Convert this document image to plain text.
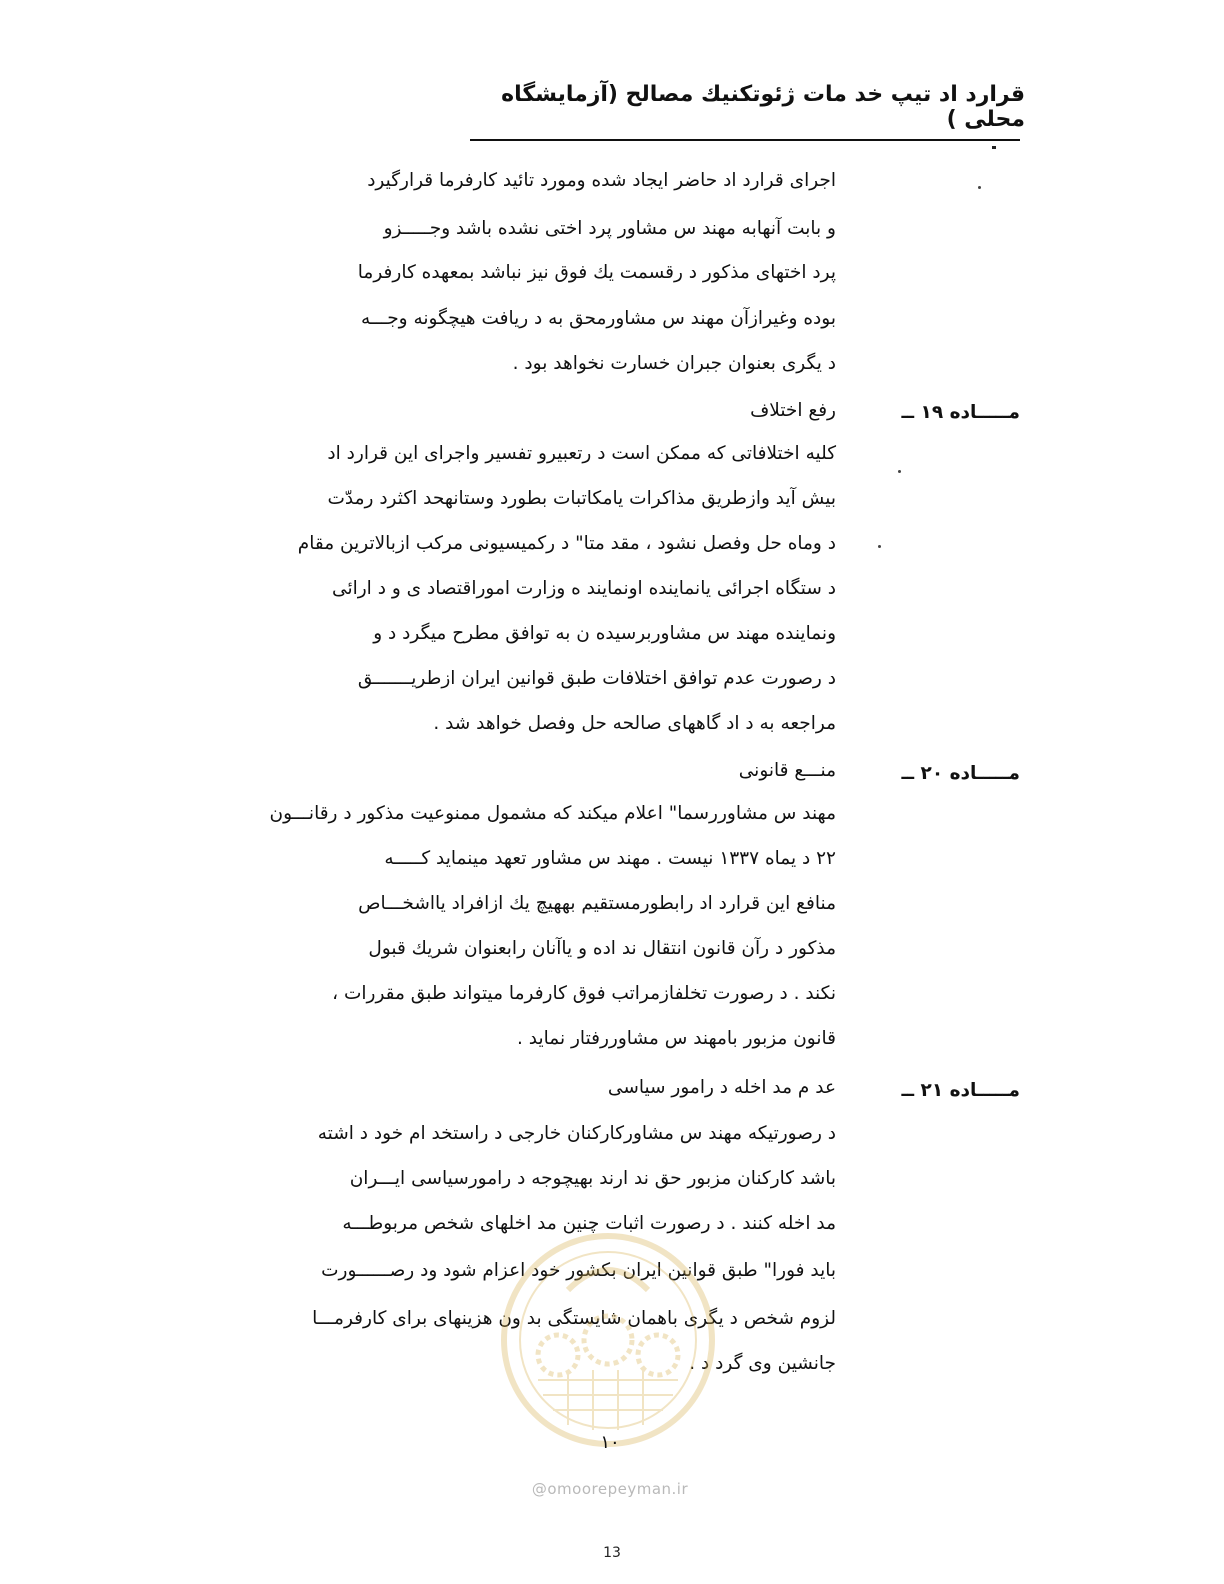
قرارد اد تیپ خد مات ژئوتکنیك مصالح (آزمایشگاه محلی )
اجرای قرارد اد حاضر ایجاد شده ومورد تائید کارفرما قرارگیرد
و بابت آنهابه مهند س مشاور پرد اختی نشده باشد وجـــــزو
پرد اختهای مذکور د رقسمت یك فوق نیز نباشد بمعهده کارفرما
بوده وغیرازآن مهند س مشاورمحق به د ریافت هیچگونه وجـــه
د یگری بعنوان جبران خسارت نخواهد بود .
مـــــاده ۱۹ ــ
رفع اختلاف
کلیه اختلافاتی که ممکن است د رتعبیرو تفسیر واجرای این قرارد اد
بیش آید وازطریق مذاکرات یامکاتبات بطورد وستانهحد اکثرد رمدّت
د وماه حل وفصل نشود ، مقد متا" د رکمیسیونی مرکب ازبالاترین مقام
د ستگاه اجرائی یانماینده اونمایند ه وزارت اموراقتصاد ی و د ارائی
ونماینده مهند س مشاوربرسیده ن به توافق مطرح میگرد د و
د رصورت عدم توافق اختلافات طبق قوانین ایران ازطریـــــــق
مراجعه به د اد گاههای صالحه حل وفصل خواهد شد .
مـــــاده ۲۰ ــ
منـــع قانونی
مهند س مشاوررسما" اعلام میکند که مشمول ممنوعیت مذکور د رقانـــون
۲۲ د یماه ۱۳۳۷ نیست . مهند س مشاور تعهد مینماید کـــــه
منافع این قرارد اد رابطورمستقیم بههیچ یك ازافراد یااشخـــاص
مذکور د رآن قانون انتقال ند اده و یاآنان رابعنوان شریك قبول
نکند . د رصورت تخلفازمراتب فوق کارفرما میتواند طبق مقررات ،
قانون مزبور بامهند س مشاوررفتار نماید .
مـــــاده ۲۱ ــ
عد م مد اخله د رامور سیاسی
د رصورتیکه مهند س مشاورکارکنان خارجی د راستخد ام خود د اشته
باشد کارکنان مزبور حق ند ارند بهیچوجه د رامورسیاسی ایـــران
مد اخله کنند . د رصورت اثبات چنین مد اخلهای شخص مربوطـــه
باید فورا" طبق قوانین ایران بکشور خود اعزام شود ود رصــــــورت
لزوم شخص د یگری باهمان شایستگی بد ون هزینهای برای کارفرمـــا
جانشین وی گرد د .
@omoorepeyman.ir
۱۰
13
